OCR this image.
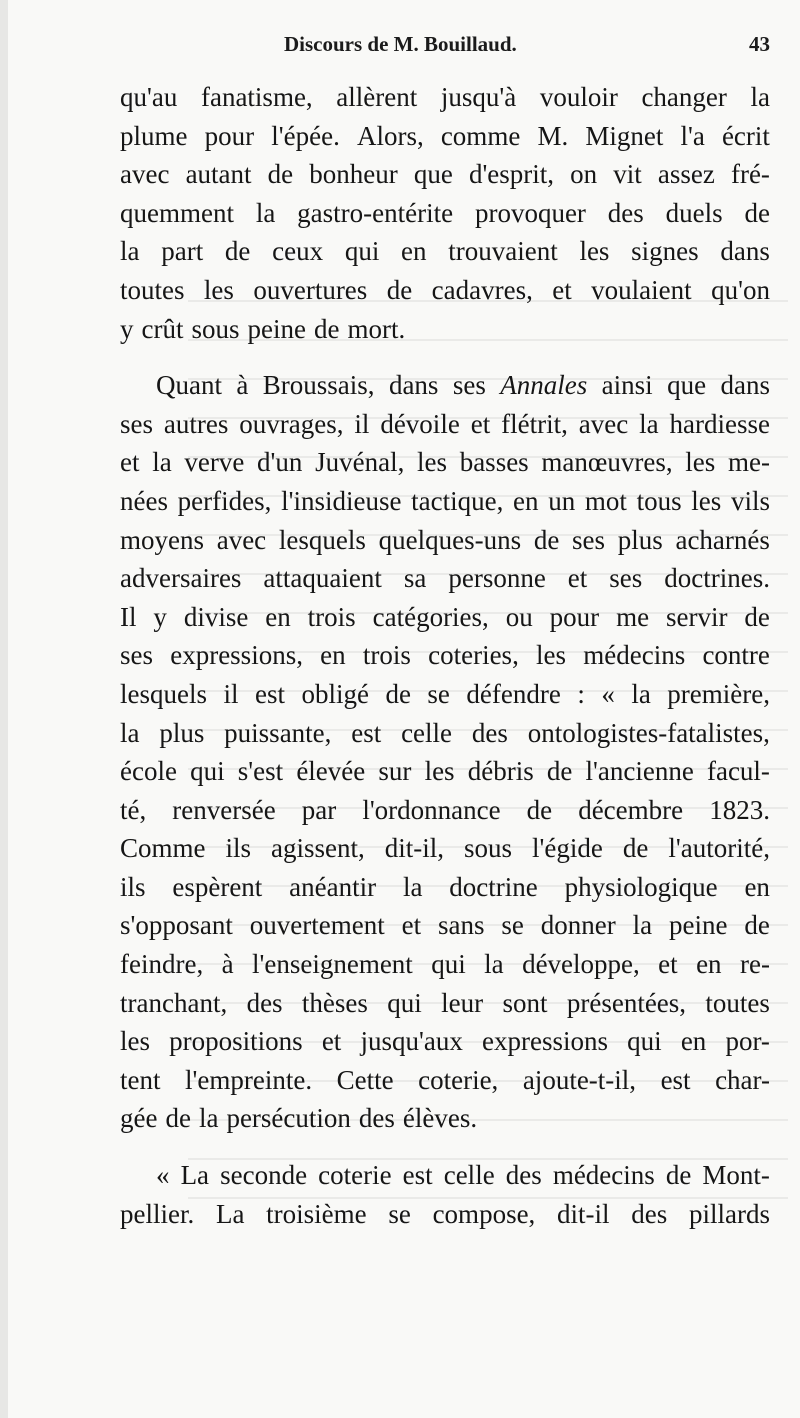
Discours de M. Bouillaud.	43
qu'au fanatisme, allèrent jusqu'à vouloir changer la
plume pour l'épée. Alors, comme M. Mignet l'a écrit
avec autant de bonheur que d'esprit, on vit assez fré-
quemment la gastro-entérite provoquer des duels de
la part de ceux qui en trouvaient les signes dans
toutes les ouvertures de cadavres, et voulaient qu'on
y crût sous peine de mort.
Quant à Broussais, dans ses Annales ainsi que dans
ses autres ouvrages, il dévoile et flétrit, avec la hardiesse
et la verve d'un Juvénal, les basses manœuvres, les me-
nées perfides, l'insidieuse tactique, en un mot tous les vils
moyens avec lesquels quelques-uns de ses plus acharnés
adversaires attaquaient sa personne et ses doctrines.
Il y divise en trois catégories, ou pour me servir de
ses expressions, en trois coteries, les médecins contre
lesquels il est obligé de se défendre : « la première,
la plus puissante, est celle des ontologistes-fatalistes,
école qui s'est élevée sur les débris de l'ancienne facul-
té, renversée par l'ordonnance de décembre 1823.
Comme ils agissent, dit-il, sous l'égide de l'autorité,
ils espèrent anéantir la doctrine physiologique en
s'opposant ouvertement et sans se donner la peine de
feindre, à l'enseignement qui la développe, et en re-
tranchant, des thèses qui leur sont présentées, toutes
les propositions et jusqu'aux expressions qui en por-
tent l'empreinte. Cette coterie, ajoute-t-il, est char-
gée de la persécution des élèves.
« La seconde coterie est celle des médecins de Mont-
pellier. La troisième se compose, dit-il des pillards
